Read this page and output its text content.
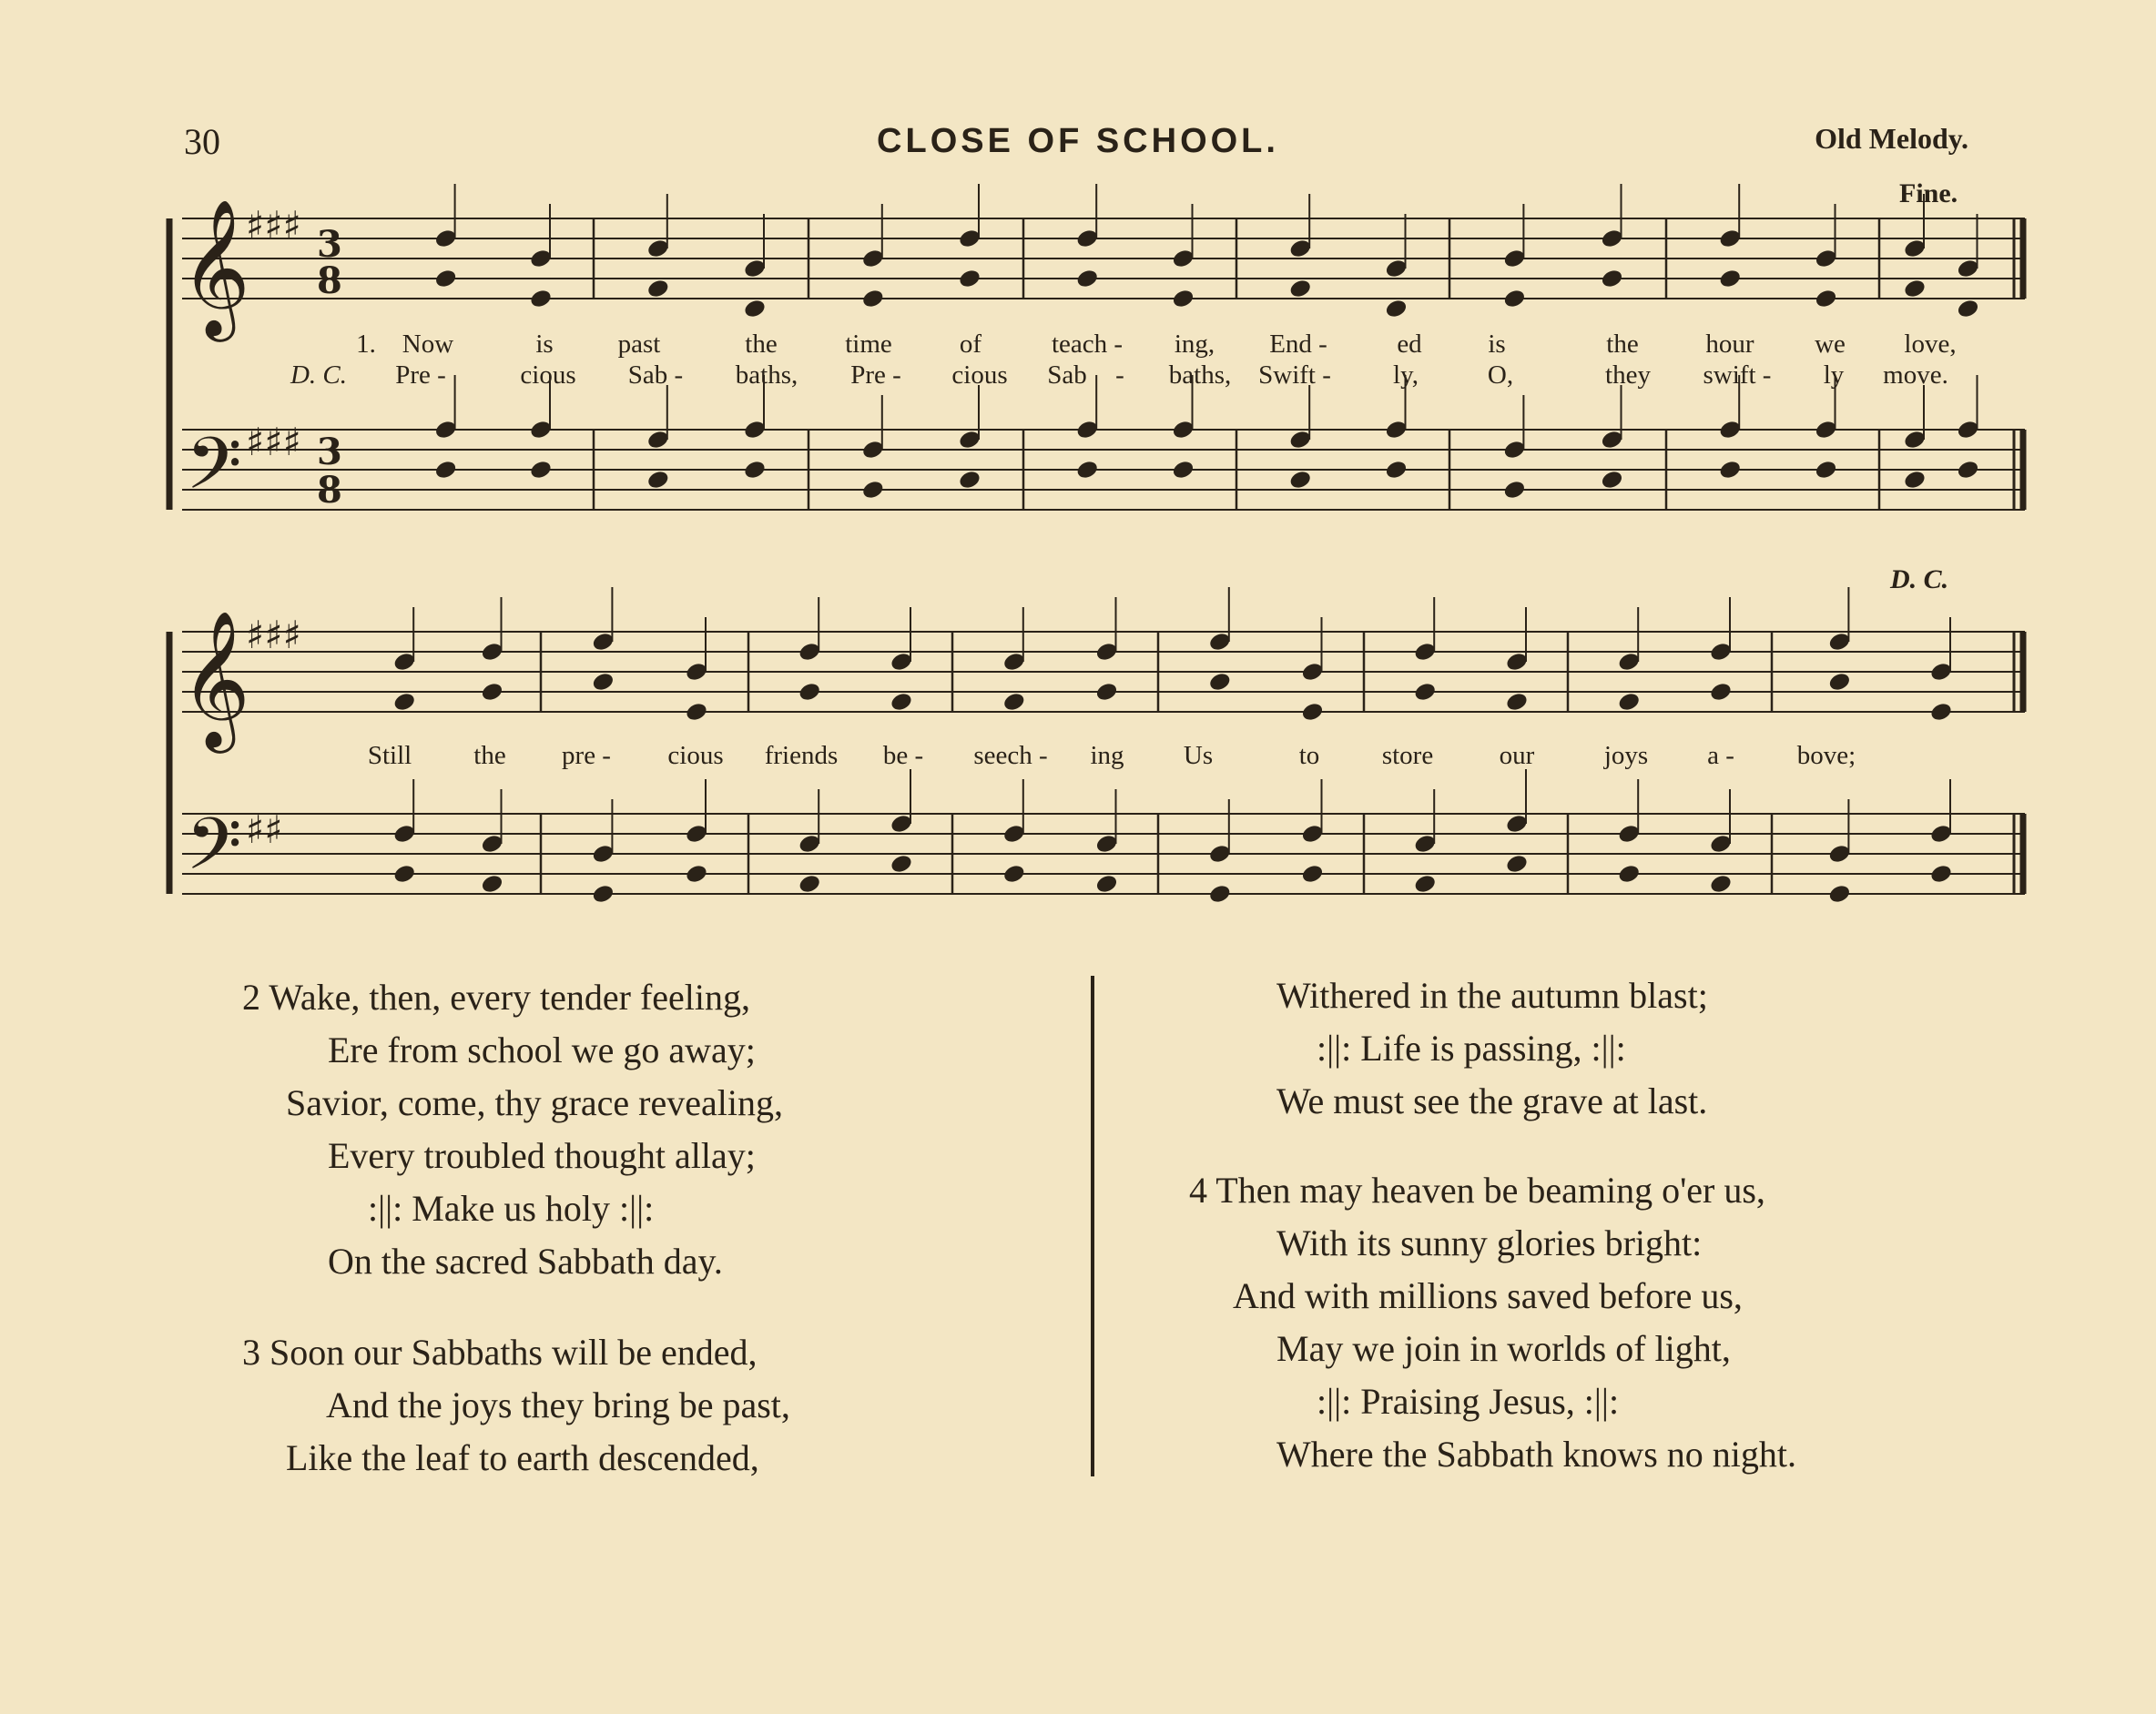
30	CLOSE OF SCHOOL.	Old Melody.
Fine.
D. C.
𝄞
𝄢
𝄞
𝄢
♯♯♯
♯♯♯
♯♯♯
♯♯
3
8
3
8
1. Now	is past	the	time	of	teach - ing, End -	ed	is	the	hour we love,
D. C. Pre -	cious Sab - baths, Pre - cious Sab - baths, Swift - ly,	O,	they swift - ly move.
Still the pre - cious friends be - seech - ing Us	to store our	joys a - bove;
2 Wake, then, every tender feeling,
Ere from school we go away;
Savior, come, thy grace revealing,
Every troubled thought allay;
:||: Make us holy :||:
On the sacred Sabbath day.
3 Soon our Sabbaths will be ended,
And the joys they bring be past,
Like the leaf to earth descended,
Withered in the autumn blast;
:||: Life is passing, :||:
We must see the grave at last.
4 Then may heaven be beaming o'er us,
With its sunny glories bright:
And with millions saved before us,
May we join in worlds of light,
:||: Praising Jesus, :||:
Where the Sabbath knows no night.
